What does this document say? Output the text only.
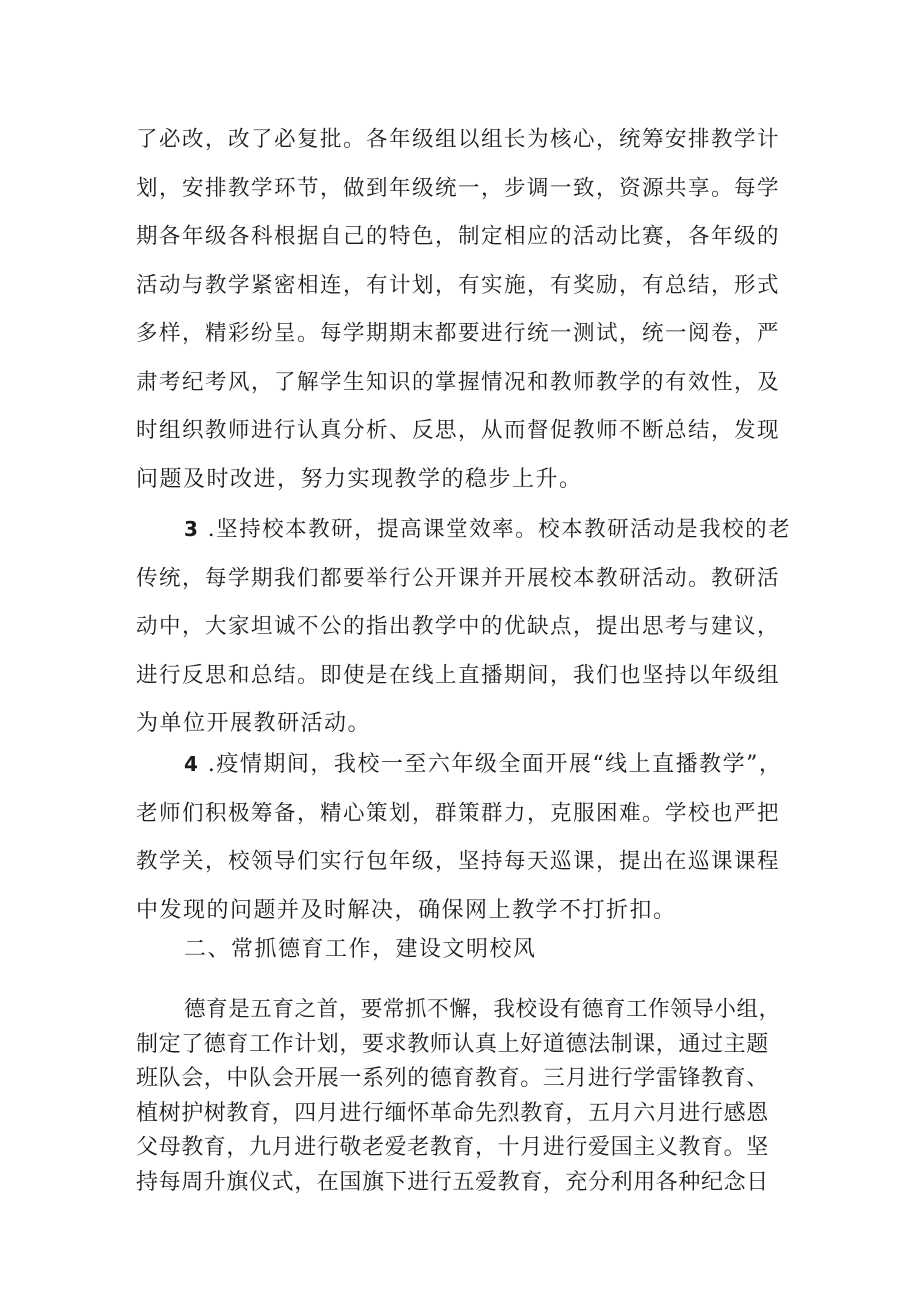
了必改，改了必复批。各年级组以组长为核心，统筹安排教学计
划，安排教学环节，做到年级统一，步调一致，资源共享。每学
期各年级各科根据自己的特色，制定相应的活动比赛，各年级的
活动与教学紧密相连，有计划，有实施，有奖励，有总结，形式
多样，精彩纷呈。每学期期末都要进行统一测试，统一阅卷，严
肃考纪考风，了解学生知识的掌握情况和教师教学的有效性，及
时组织教师进行认真分析、反思，从而督促教师不断总结，发现
问题及时改进，努力实现教学的稳步上升。
3 .坚持校本教研，提高课堂效率。校本教研活动是我校的老
传统，每学期我们都要举行公开课并开展校本教研活动。教研活
动中，大家坦诚不公的指出教学中的优缺点，提出思考与建议，
进行反思和总结。即使是在线上直播期间，我们也坚持以年级组
为单位开展教研活动。
4 .疫情期间，我校一至六年级全面开展“线上直播教学”，
老师们积极筹备，精心策划，群策群力，克服困难。学校也严把
教学关，校领导们实行包年级，坚持每天巡课，提出在巡课课程
中发现的问题并及时解决，确保网上教学不打折扣。
二、常抓德育工作，建设文明校风
德育是五育之首，要常抓不懈，我校设有德育工作领导小组，
制定了德育工作计划，要求教师认真上好道德法制课，通过主题
班队会，中队会开展一系列的德育教育。三月进行学雷锋教育、
植树护树教育，四月进行缅怀革命先烈教育，五月六月进行感恩
父母教育，九月进行敬老爱老教育，十月进行爱国主义教育。坚
持每周升旗仪式，在国旗下进行五爱教育，充分利用各种纪念日
